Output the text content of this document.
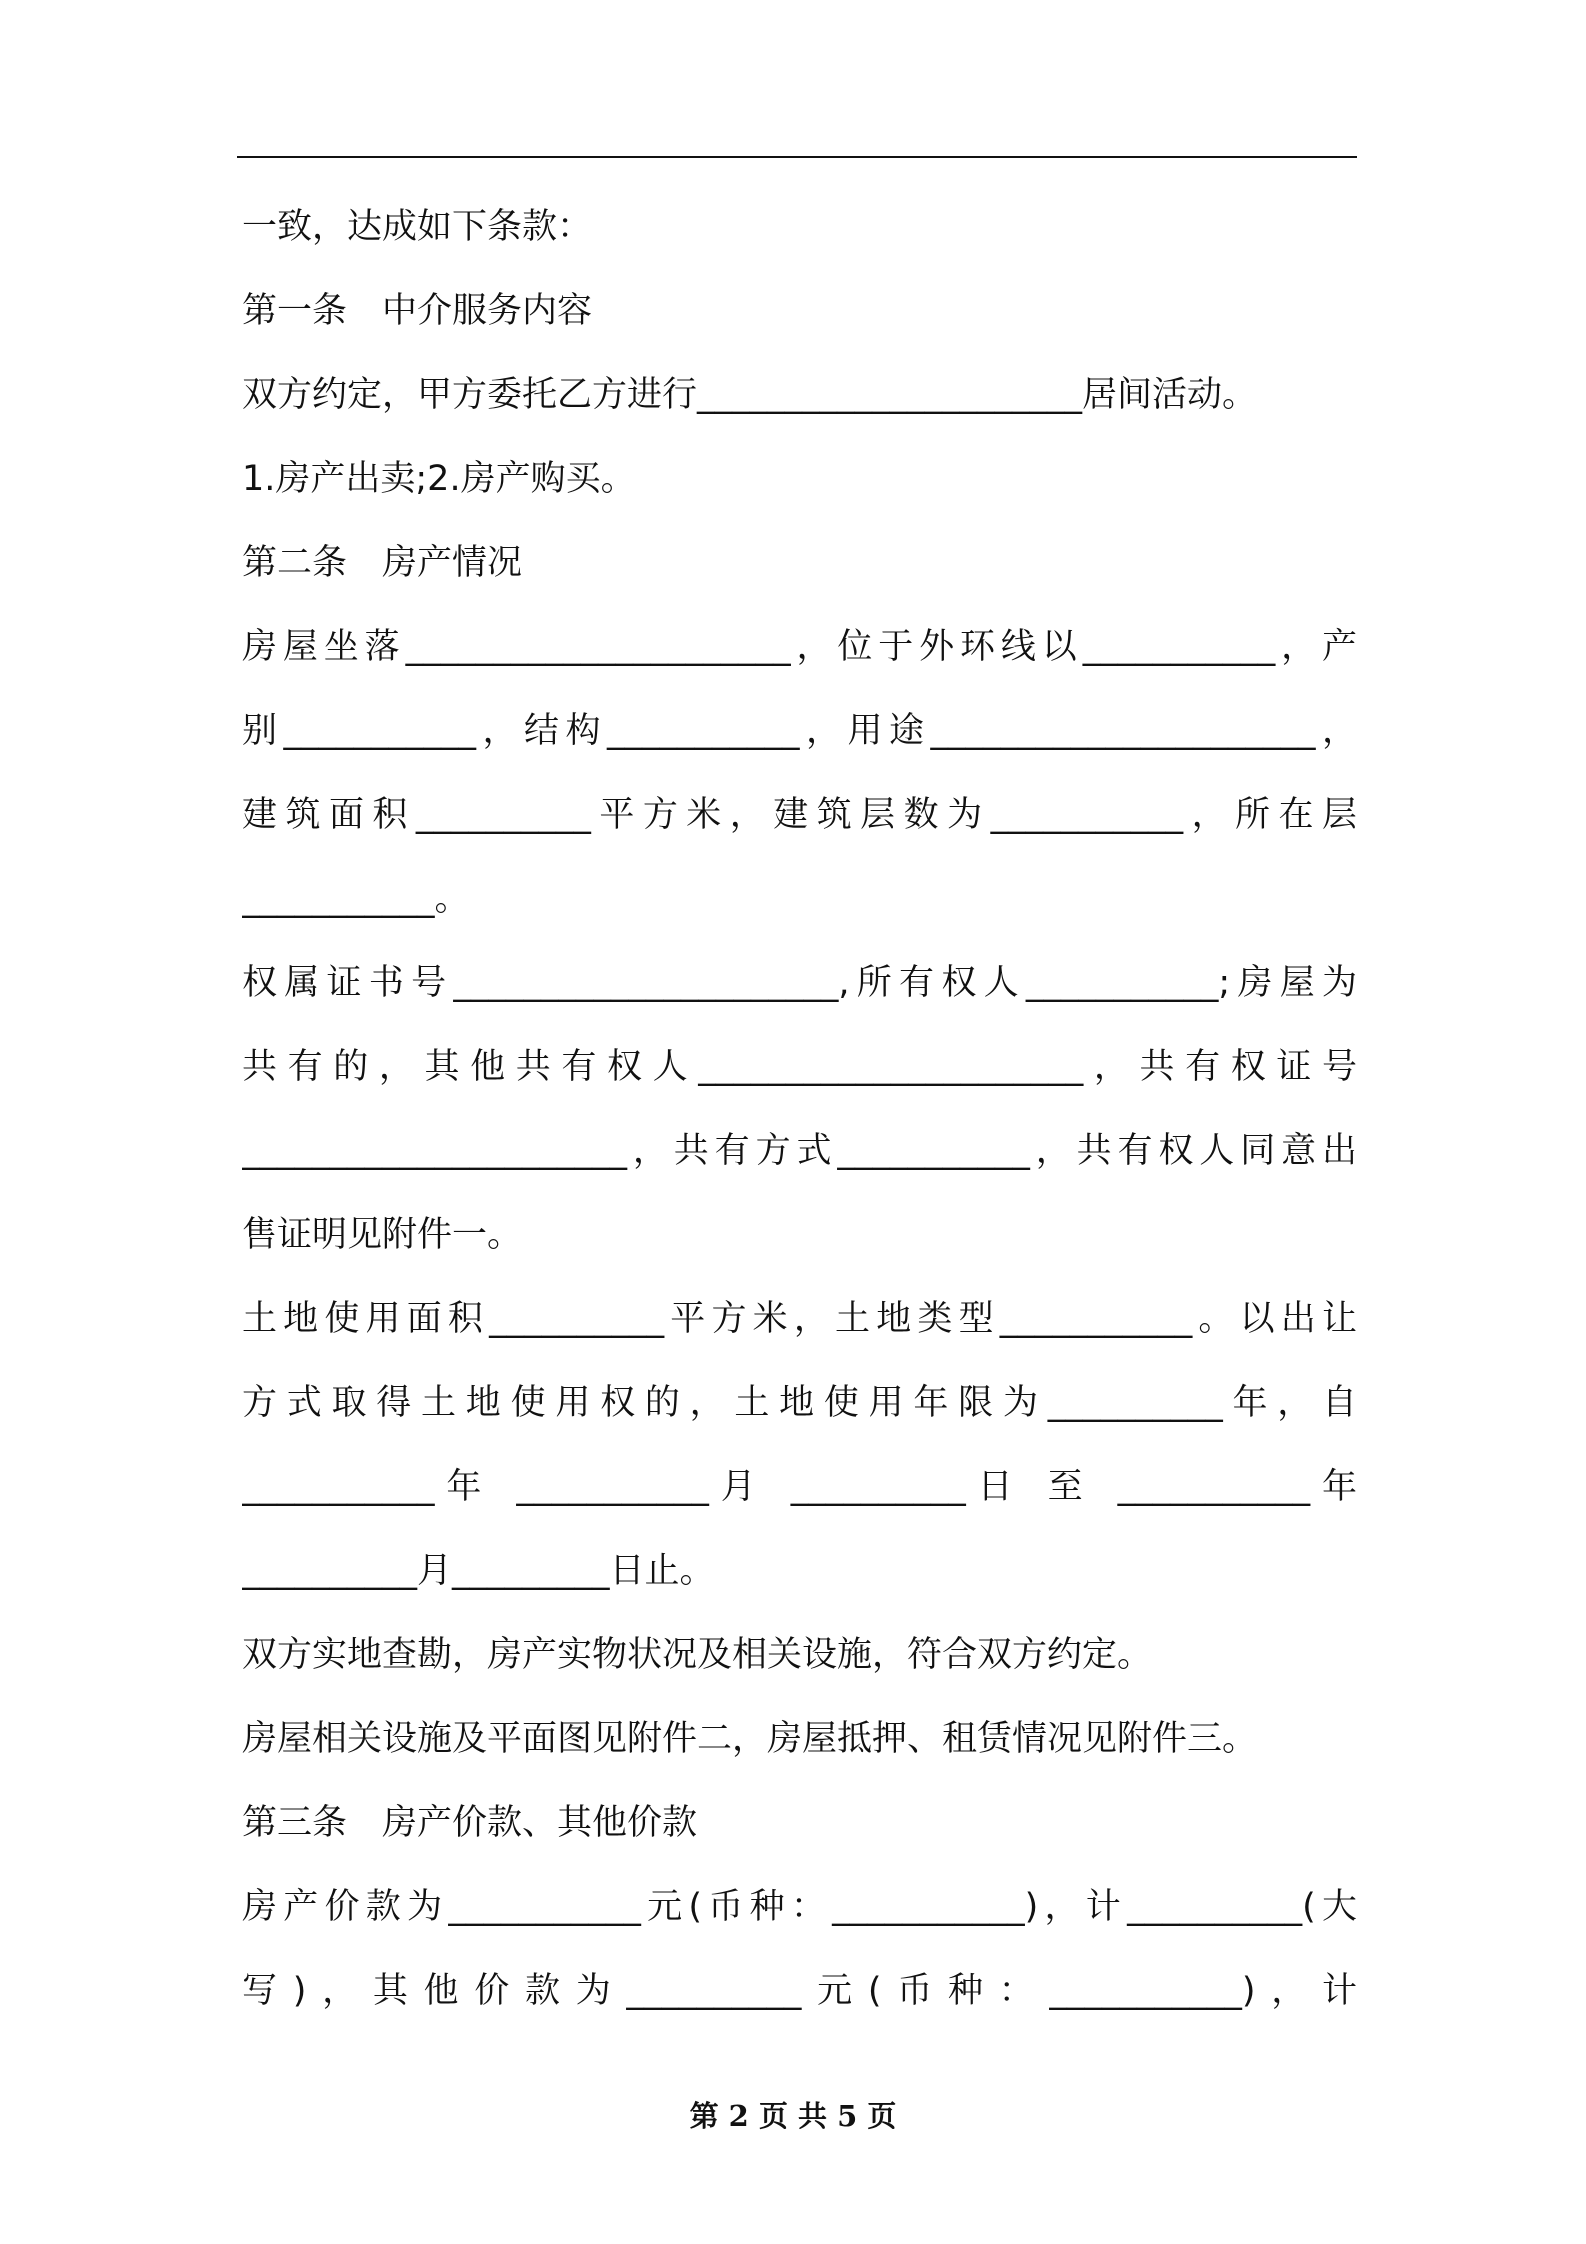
一致，达成如下条款：
第一条　中介服务内容
双方约定，甲方委托乙方进行______________________居间活动。
1.房产出卖;2.房产购买。
第二条　房产情况
房屋坐落______________________，位于外环线以___________，产
别___________，结构___________，用途______________________，
建筑面积__________平方米，建筑层数为___________，所在层
___________。
权属证书号______________________,所有权人___________;房屋为
共有的，其他共有权人______________________，共有权证号
______________________，共有方式___________，共有权人同意出
售证明见附件一。
土地使用面积__________平方米，土地类型___________。以出让
方式取得土地使用权的，土地使用年限为__________年，自
___________年 ___________月 __________日 至 ___________年
__________月_________日止。
双方实地查勘，房产实物状况及相关设施，符合双方约定。
房屋相关设施及平面图见附件二，房屋抵押、租赁情况见附件三。
第三条　房产价款、其他价款
房产价款为___________元(币种：___________)，计__________(大
写)，其他价款为__________元(币种：___________)，计
第 2 页 共 5 页
